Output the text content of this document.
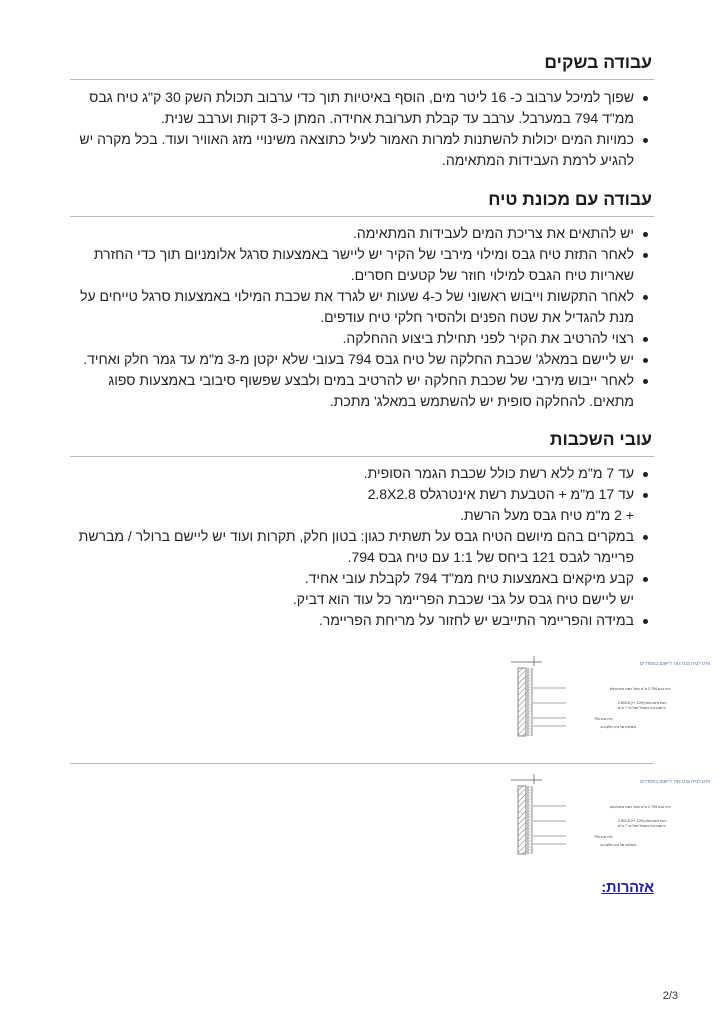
עבודה בשקים
שפוך למיכל ערבוב כ- 16 ליטר מים, הוסף באיטיות תוך כדי ערבוב תכולת השק 30 ק"ג טיח גבס
ממ"ד 794 במערבל. ערבב עד קבלת תערובת אחידה. המתן כ-3 דקות וערבב שנית.
כמויות המים יכולות להשתנות למרות האמור לעיל כתוצאה משינויי מזג האוויר ועוד. בכל מקרה יש
להגיע לרמת העבידות המתאימה.
עבודה עם מכונת טיח
יש להתאים את צריכת המים לעבידות המתאימה.
לאחר התזת טיח גבס ומילוי מירבי של הקיר יש ליישר באמצעות סרגל אלומניום תוך כדי החזרת
שאריות טיח הגבס למילוי חוזר של קטעים חסרים.
לאחר התקשות וייבוש ראשוני של כ-4 שעות יש לגרד את שכבת המילוי באמצעות סרגל טייחים על
מנת להגדיל את שטח הפנים ולהסיר חלקי טיח עודפים.
רצוי להרטיב את הקיר לפני תחילת ביצוע ההחלקה.
יש ליישם במאלג' שכבת החלקה של טיח גבס 794 בעובי שלא יקטן מ-3 מ"מ עד גמר חלק ואחיד.
לאחר ייבוש מירבי של שכבת החלקה יש להרטיב במים ולבצע שפשוף סיבובי באמצעות ספוג
מתאים. להחלקה סופית יש להשתמש במאלג' מתכת.
עובי השכבות
עד 7 מ"מ ללא רשת כולל שכבת הגמר הסופית.
עד 17 מ"מ + הטבעת רשת אינטרגלס 2.8X2.8
+ 2 מ"מ טיח גבס מעל הרשת.
במקרים בהם מיושם הטיח גבס על תשתית כגון: בטון חלק, תקרות ועוד יש ליישם ברולר / מברשת
פריימר לגבס 121 ביחס של 1:1 עם טיח גבס 794.
קבע מיקאים באמצעות טיח ממ"ד 794 לקבלת עובי אחיד.
יש ליישם טיח גבס על גבי שכבת הפריימר כל עוד הוא דביק.
במידה והפריימר התייבש יש לחזור על מריחת הפריימר.
פרט לטיח גבס 794 ליישום במסדרים
טיח גבס 794 2 מ"מ מעל רשת אינטרגלס
רשת אינטרגלס 2.8X2.8 (+/- 10%)
ביישום טיח במצלל אפל עד 7 מ"מ
טיח גבס 794
והמלצה של טיח מלקם גב
פרט לטיח גבס 794 ליישום במסדרים
טיח גבס 794 2 מ"מ מעל רשת אינטרגלס
רשת אינטרגלס 2.8X2.8 (+/- 10%)
ביישום טיח במצלל אפל עד 7 מ"מ
טיח גבס 794
והמלצה של טיח מלקם גב
אזהרות:
2/3
